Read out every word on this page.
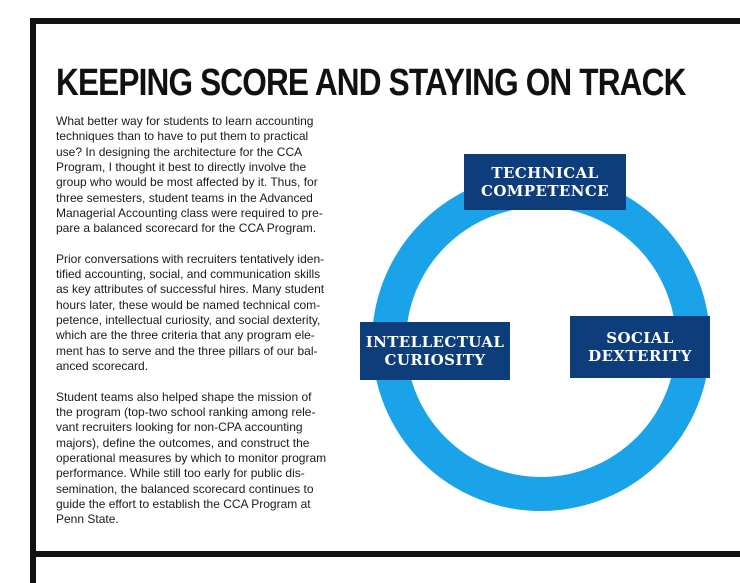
KEEPING SCORE AND STAYING ON TRACK

What better way for students to learn accounting techniques than to have to put them to practical use? In designing the architecture for the CCA Program, I thought it best to directly involve the group who would be most affected by it. Thus, for three semesters, student teams in the Advanced Managerial Accounting class were required to prepare a balanced scorecard for the CCA Program.

Prior conversations with recruiters tentatively identified accounting, social, and communication skills as key attributes of successful hires. Many student hours later, these would be named technical competence, intellectual curiosity, and social dexterity, which are the three criteria that any program element has to serve and the three pillars of our balanced scorecard.

Student teams also helped shape the mission of the program (top-two school ranking among relevant recruiters looking for non-CPA accounting majors), define the outcomes, and construct the operational measures by which to monitor program performance. While still too early for public dissemination, the balanced scorecard continues to guide the effort to establish the CCA Program at Penn State.

TECHNICAL
COMPETENCE
INTELLECTUAL
CURIOSITY
SOCIAL
DEXTERITY
